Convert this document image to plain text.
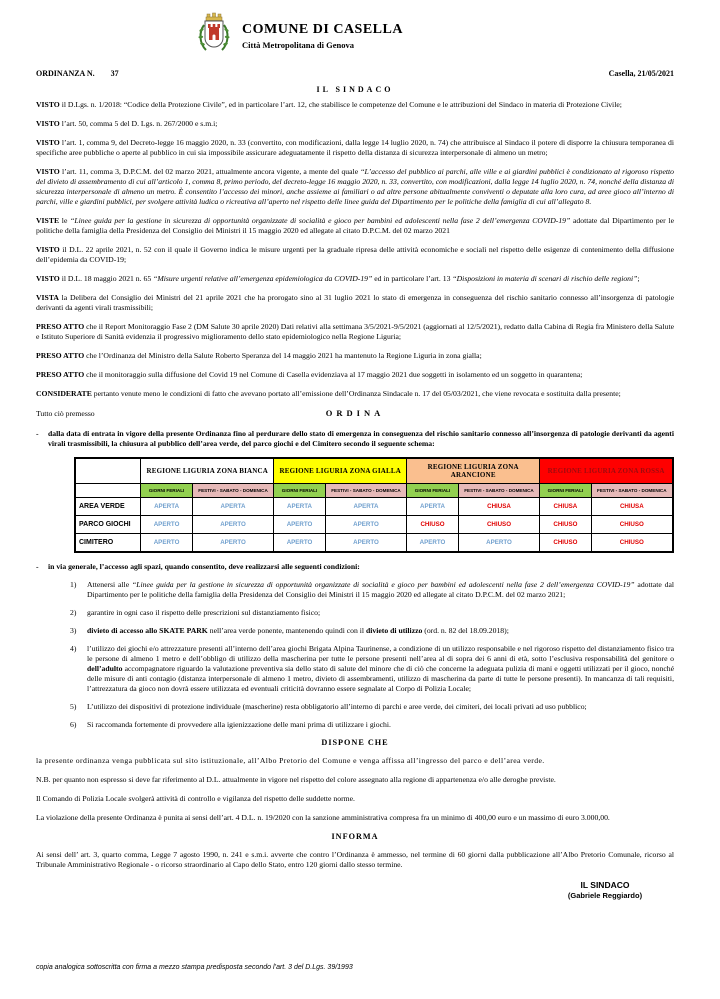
COMUNE DI CASELLA
Città Metropolitana di Genova
ORDINANZA N. 37	Casella, 21/05/2021
IL SINDACO

VISTO il D.Lgs. n. 1/2018: “Codice della Protezione Civile”, ed in particolare l’art. 12, che stabilisce le competenze del Comune e le attribuzioni del Sindaco in materia di Protezione Civile;

VISTO l’art. 50, comma 5 del D. Lgs. n. 267/2000 e s.m.i;

VISTO l’art. 1, comma 9, del Decreto-legge 16 maggio 2020, n. 33 (convertito, con modificazioni, dalla legge 14 luglio 2020, n. 74) che attribuisce al Sindaco il potere di disporre la chiusura temporanea di specifiche aree pubbliche o aperte al pubblico in cui sia impossibile assicurare adeguatamente il rispetto della distanza di sicurezza interpersonale di almeno un metro;

VISTO l’art. 11, comma 3, D.P.C.M. del 02 marzo 2021, attualmente ancora vigente, a mente del quale “L’accesso del pubblico ai parchi, alle ville e ai giardini pubblici è condizionato al rigoroso rispetto del divieto di assembramento di cui all’articolo 1, comma 8, primo periodo, del decreto-legge 16 maggio 2020, n. 33, convertito, con modificazioni, dalla legge 14 luglio 2020, n. 74, nonché della distanza di sicurezza interpersonale di almeno un metro. È consentito l’accesso dei minori, anche assieme ai familiari o ad altre persone abitualmente conviventi o deputate alla loro cura, ad aree gioco all’interno di parchi, ville e giardini pubblici, per svolgere attività ludica o ricreativa all’aperto nel rispetto delle linee guida del Dipartimento per le politiche della famiglia di cui all’allegato 8.

VISTE le “Linee guida per la gestione in sicurezza di opportunità organizzate di socialità e gioco per bambini ed adolescenti nella fase 2 dell’emergenza COVID-19” adottate dal Dipartimento per le politiche della famiglia della Presidenza del Consiglio dei Ministri il 15 maggio 2020 ed allegate al citato D.P.C.M. del 02 marzo 2021

VISTO il D.L. 22 aprile 2021, n. 52 con il quale il Governo indica le misure urgenti per la graduale ripresa delle attività economiche e sociali nel rispetto delle esigenze di contenimento della diffusione dell’epidemia da COVID-19;

VISTO il D.L. 18 maggio 2021 n. 65 “Misure urgenti relative all’emergenza epidemiologica da COVID-19” ed in particolare l’art. 13 “Disposizioni in materia di scenari di rischio delle regioni”;

VISTA la Delibera del Consiglio dei Ministri del 21 aprile 2021 che ha prorogato sino al 31 luglio 2021 lo stato di emergenza in conseguenza del rischio sanitario connesso all’insorgenza di patologie derivanti da agenti virali trasmissibili;

PRESO ATTO che il Report Monitoraggio Fase 2 (DM Salute 30 aprile 2020) Dati relativi alla settimana 3/5/2021-9/5/2021 (aggiornati al 12/5/2021), redatto dalla Cabina di Regia fra Ministero della Salute e Istituto Superiore di Sanità evidenzia il progressivo miglioramento dello stato epidemiologico nella Regione Liguria;

PRESO ATTO che l’Ordinanza del Ministro della Salute Roberto Speranza del 14 maggio 2021 ha mantenuto la Regione Liguria in zona gialla;

PRESO ATTO che il monitoraggio sulla diffusione del Covid 19 nel Comune di Casella evidenziava al 17 maggio 2021 due soggetti in isolamento ed un soggetto in quarantena;

CONSIDERATE pertanto venute meno le condizioni di fatto che avevano portato all’emissione dell’Ordinanza Sindacale n. 17 del 05/03/2021, che viene revocata e sostituita dalla presente;

Tutto ciò premesso	ORDINA
-	dalla data di entrata in vigore della presente Ordinanza fino al perdurare dello stato di emergenza in conseguenza del rischio sanitario connesso all’insorgenza di patologie derivanti da agenti virali trasmissibili, la chiusura al pubblico dell’area verde, del parco giochi e del Cimitero secondo il seguente schema:
	REGIONE LIGURIA ZONA BIANCA		REGIONE LIGURIA ZONA GIALLA		REGIONE LIGURIA ZONA ARANCIONE		REGIONE LIGURIA ZONA ROSSA	
	GIORNI FERIALI	FESTIVI - SABATO - DOMENICA	GIORNI FERIALI	FESTIVI - SABATO - DOMENICA	GIORNI FERIALI	FESTIVI - SABATO - DOMENICA	GIORNI FERIALI	FESTIVI - SABATO - DOMENICA
AREA VERDE	APERTA	APERTA	APERTA	APERTA	APERTA	CHIUSA	CHIUSA	CHIUSA
PARCO GIOCHI	APERTO	APERTO	APERTO	APERTO	CHIUSO	CHIUSO	CHIUSO	CHIUSO
CIMITERO	APERTO	APERTO	APERTO	APERTO	APERTO	APERTO	CHIUSO	CHIUSO
-	in via generale, l’accesso agli spazi, quando consentito, deve realizzarsi alle seguenti condizioni:
1)	Attenersi alle “Linee guida per la gestione in sicurezza di opportunità organizzate di socialità e gioco per bambini ed adolescenti nella fase 2 dell’emergenza COVID-19” adottate dal Dipartimento per le politiche della famiglia della Presidenza del Consiglio dei Ministri il 15 maggio 2020 ed allegate al citato D.P.C.M. del 02 marzo 2021;
2)	garantire in ogni caso il rispetto delle prescrizioni sul distanziamento fisico;
3)	divieto di accesso allo SKATE PARK nell’area verde ponente, mantenendo quindi con il divieto di utilizzo (ord. n. 82 del 18.09.2018);
4)	l’utilizzo dei giochi e/o attrezzature presenti all’interno dell’area giochi Brigata Alpina Taurinense, a condizione di un utilizzo responsabile e nel rigoroso rispetto del distanziamento fisico tra le persone di almeno 1 metro e dell’obbligo di utilizzo della mascherina per tutte le persone presenti nell’area al di sopra dei 6 anni di età, sotto l’esclusiva responsabilità del genitore o dell’adulto accompagnatore riguardo la valutazione preventiva sia dello stato di salute del minore che di ciò che concerne la adeguata pulizia di mani e oggetti utilizzati per il gioco, nonché delle misure di anti contagio (distanza interpersonale di almeno 1 metro, divieto di assembramenti, utilizzo di mascherina da parte di tutte le persone presenti). In mancanza di tali requisiti, l’attrezzatura da gioco non dovrà essere utilizzata ed eventuali criticità dovranno essere segnalate al Corpo di Polizia Locale;
5)	L’utilizzo dei dispositivi di protezione individuale (mascherine) resta obbligatorio all’interno di parchi e aree verde, dei cimiteri, dei locali privati ad uso pubblico;
6)	Si raccomanda fortemente di provvedere alla igienizzazione delle mani prima di utilizzare i giochi.
DISPONE CHE

la presente ordinanza venga pubblicata sul sito istituzionale, all’Albo Pretorio del Comune e venga affissa all’ingresso del parco e dell’area verde.

N.B. per quanto non espresso si deve far riferimento al D.L. attualmente in vigore nel rispetto del colore assegnato alla regione di appartenenza e/o alle deroghe previste.

Il Comando di Polizia Locale svolgerà attività di controllo e vigilanza del rispetto delle suddette norme.

La violazione della presente Ordinanza è punita ai sensi dell’art. 4 D.L. n. 19/2020 con la sanzione amministrativa compresa fra un minimo di 400,00 euro e un massimo di euro 3.000,00.

INFORMA

Ai sensi dell’ art. 3, quarto comma, Legge 7 agosto 1990, n. 241 e s.m.i. avverte che contro l’Ordinanza è ammesso, nel termine di 60 giorni dalla pubblicazione all’Albo Pretorio Comunale, ricorso al Tribunale Amministrativo Regionale - o ricorso straordinario al Capo dello Stato, entro 120 giorni dallo stesso termine.

IL SINDACO
(Gabriele Reggiardo)
copia analogica sottoscritta con firma a mezzo stampa predisposta secondo l’art. 3 del D.Lgs. 39/1993
